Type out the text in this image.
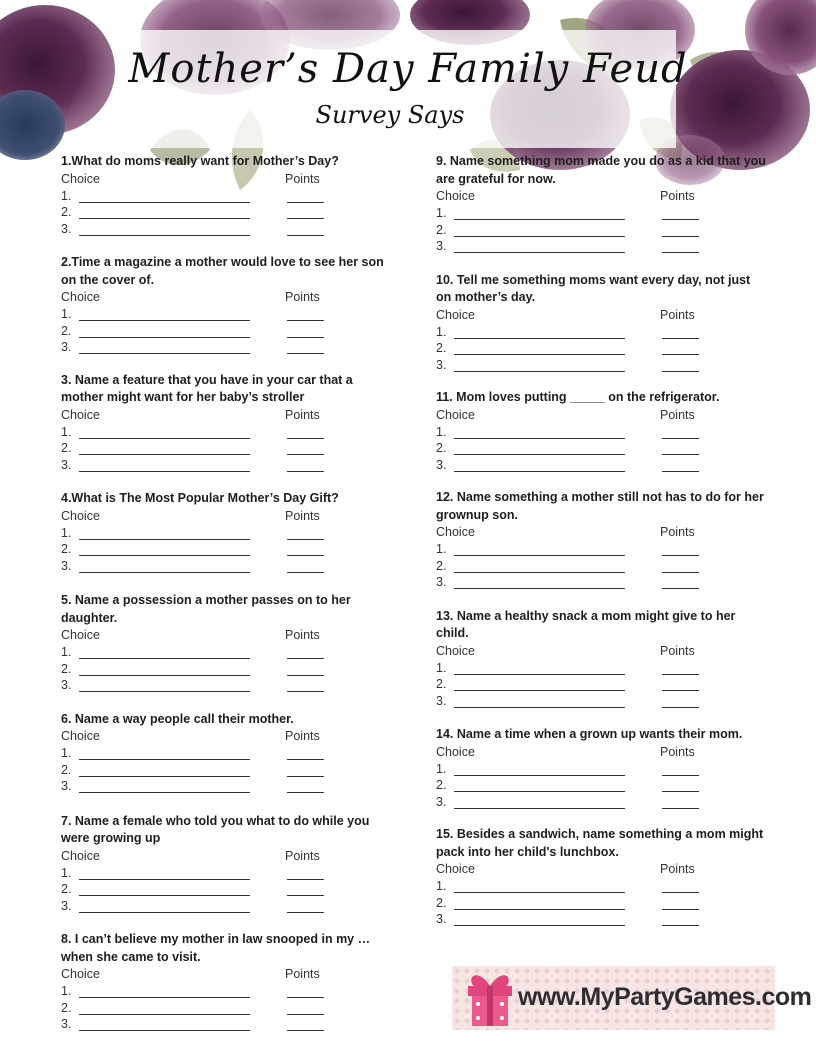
Mother’s Day Family Feud
Survey Says
1.What do moms really want for Mother’s Day?
Choice	Points
1.
2.
3.
2.Time a magazine a mother would love to see her son on the cover of.
Choice	Points
1.
2.
3.
3. Name a feature that you have in your car that a mother might want for her baby’s stroller
Choice	Points
1.
2.
3.
4.What is The Most Popular Mother’s Day Gift?
Choice	Points
1.
2.
3.
5. Name a possession a mother passes on to her daughter.
Choice	Points
1.
2.
3.
6. Name a way people call their mother.
Choice	Points
1.
2.
3.
7. Name a female who told you what to do while you were growing up
Choice	Points
1.
2.
3.
8. I can’t believe my mother in law snooped in my … when she came to visit.
Choice	Points
1.
2.
3.
9. Name something mom made you do as a kid that you are grateful for now.
Choice	Points
1.
2.
3.
10. Tell me something moms want every day, not just on mother’s day.
Choice	Points
1.
2.
3.
11. Mom loves putting _____ on the refrigerator.
Choice	Points
1.
2.
3.
12. Name something a mother still not has to do for her grownup son.
Choice	Points
1.
2.
3.
13. Name a healthy snack a mom might give to her child.
Choice	Points
1.
2.
3.
14. Name a time when a grown up wants their mom.
Choice	Points
1.
2.
3.
15. Besides a sandwich, name something a mom might pack into her child's lunchbox.
Choice	Points
1.
2.
3.
www.MyPartyGames.com
